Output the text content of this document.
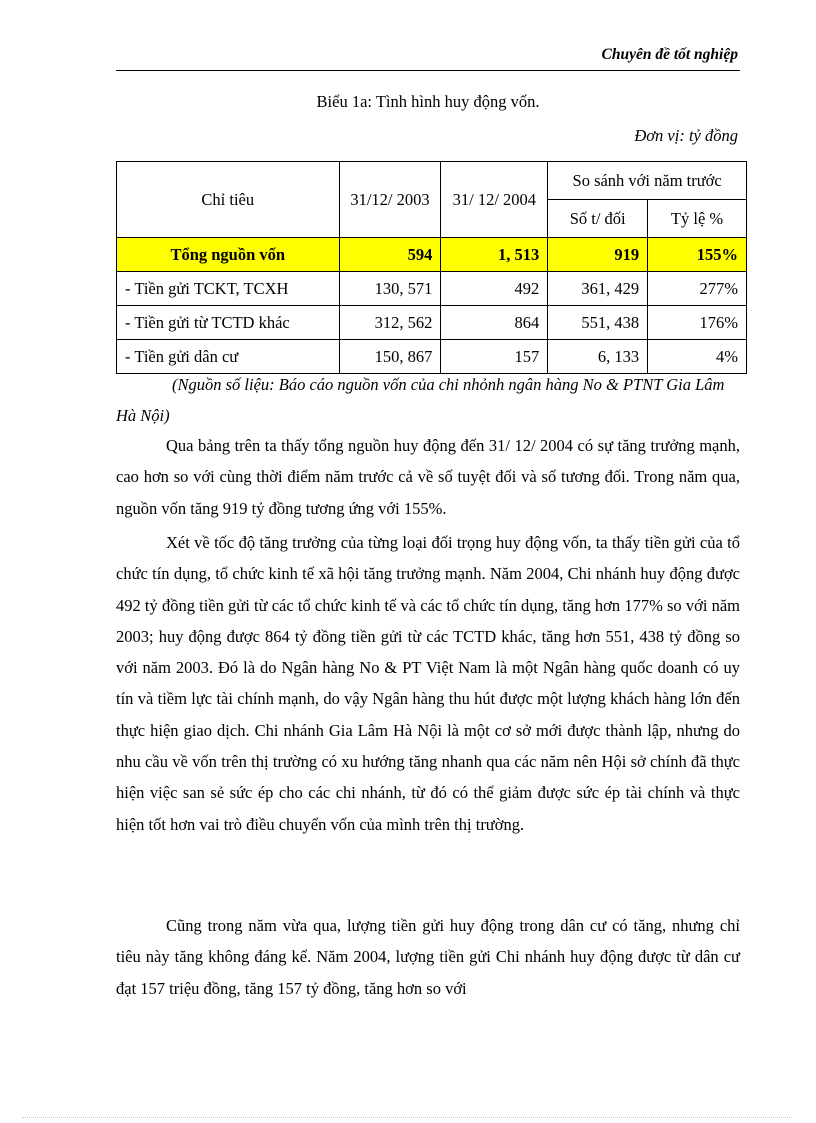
Chuyên đề tốt nghiệp
Biểu 1a: Tình hình huy động vốn.
Đơn vị: tỷ đồng
Chỉ tiêu	31/12/ 2003	31/ 12/ 2004	So sánh với năm trước	
			Số t/ đối	Tỷ lệ %
Tổng nguồn vốn	594	1, 513	919	155%
- Tiền gửi TCKT, TCXH	130, 571	492	361, 429	277%
- Tiền gửi từ TCTD khác	312, 562	864	551, 438	176%
- Tiền gửi dân cư	150, 867	157	6, 133	4%
(Nguồn số liệu: Báo cáo nguồn vốn của chi nhỏnh ngân hàng No & PTNT Gia Lâm Hà Nội)

Qua bảng trên ta thấy tổng nguồn huy động đến 31/ 12/ 2004 có sự tăng trưởng mạnh, cao hơn so với cùng thời điểm năm trước cả về số tuyệt đối và số tương đối. Trong năm qua, nguồn vốn tăng 919 tỷ đồng tương ứng với 155%.

Xét về tốc độ tăng trưởng của từng loại đối trọng huy động vốn, ta thấy tiền gửi của tổ chức tín dụng, tổ chức kinh tế xã hội tăng trưởng mạnh. Năm 2004, Chi nhánh huy động được 492 tỷ đồng tiền gửi từ các tổ chức kinh tế và các tổ chức tín dụng, tăng hơn 177% so với năm 2003; huy động được 864 tỷ đồng tiền gửi từ các TCTD khác, tăng hơn 551, 438 tỷ đồng so với năm 2003. Đó là do Ngân hàng No & PT Việt Nam là một Ngân hàng quốc doanh có uy tín và tiềm lực tài chính mạnh, do vậy Ngân hàng thu hút được một lượng khách hàng lớn đến thực hiện giao dịch. Chi nhánh Gia Lâm Hà Nội là một cơ sở mới được thành lập, nhưng do nhu cầu về vốn trên thị trường có xu hướng tăng nhanh qua các năm nên Hội sở chính đã thực hiện việc san sẻ sức ép cho các chi nhánh, từ đó có thể giảm được sức ép tài chính và thực hiện tốt hơn vai trò điều chuyển vốn của mình trên thị trường.

Cũng trong năm vừa qua, lượng tiền gửi huy động trong dân cư có tăng, nhưng chỉ tiêu này tăng không đáng kể. Năm 2004, lượng tiền gửi Chi nhánh huy động được từ dân cư đạt 157 triệu đồng, tăng 157 tỷ đồng, tăng hơn so với
